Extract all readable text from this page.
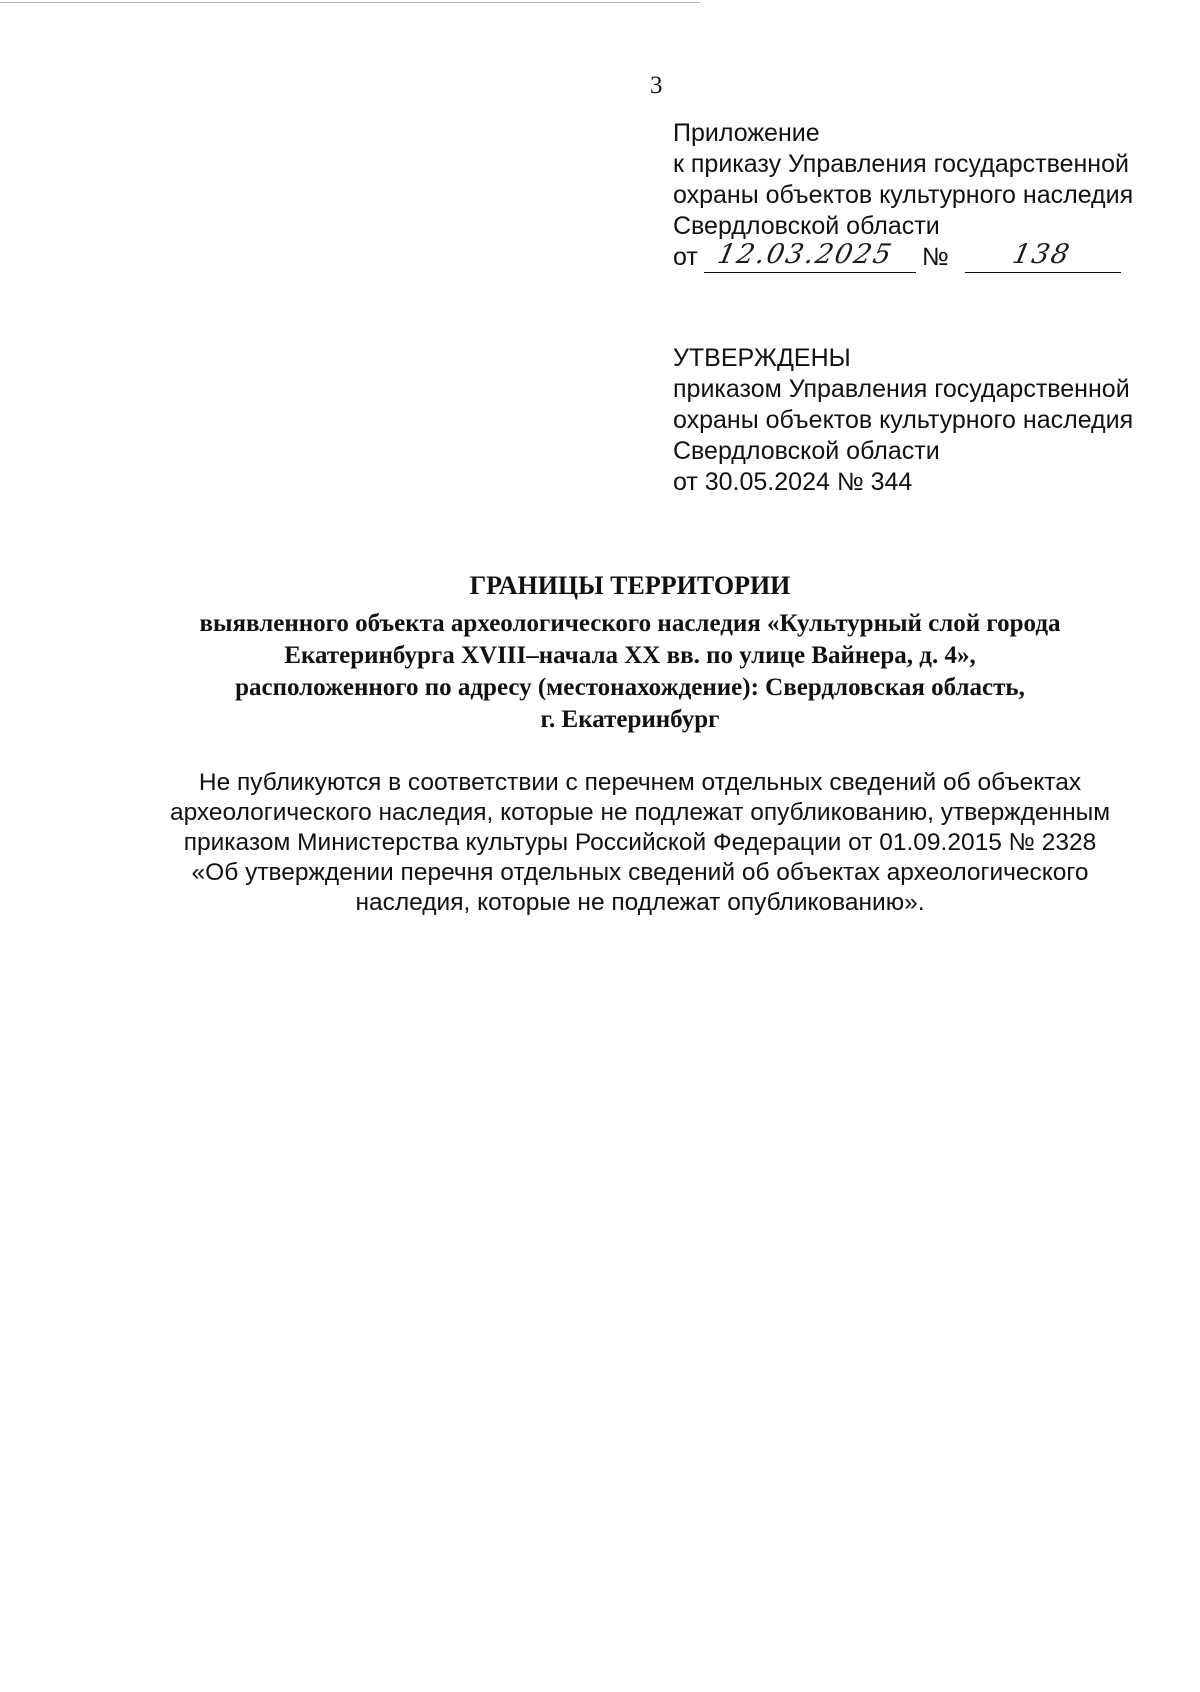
3
Приложение
к приказу Управления государственной
охраны объектов культурного наследия
Свердловской области
от 12.03.2025 № 138
УТВЕРЖДЕНЫ
приказом Управления государственной
охраны объектов культурного наследия
Свердловской области
от 30.05.2024 № 344
ГРАНИЦЫ ТЕРРИТОРИИ
выявленного объекта археологического наследия «Культурный слой города
Екатеринбурга XVIII–начала XX вв. по улице Вайнера, д. 4»,
расположенного по адресу (местонахождение): Свердловская область,
г. Екатеринбург
Не публикуются в соответствии с перечнем отдельных сведений об объектах
археологического наследия, которые не подлежат опубликованию, утвержденным
приказом Министерства культуры Российской Федерации от 01.09.2015 № 2328
«Об утверждении перечня отдельных сведений об объектах археологического
наследия, которые не подлежат опубликованию».
